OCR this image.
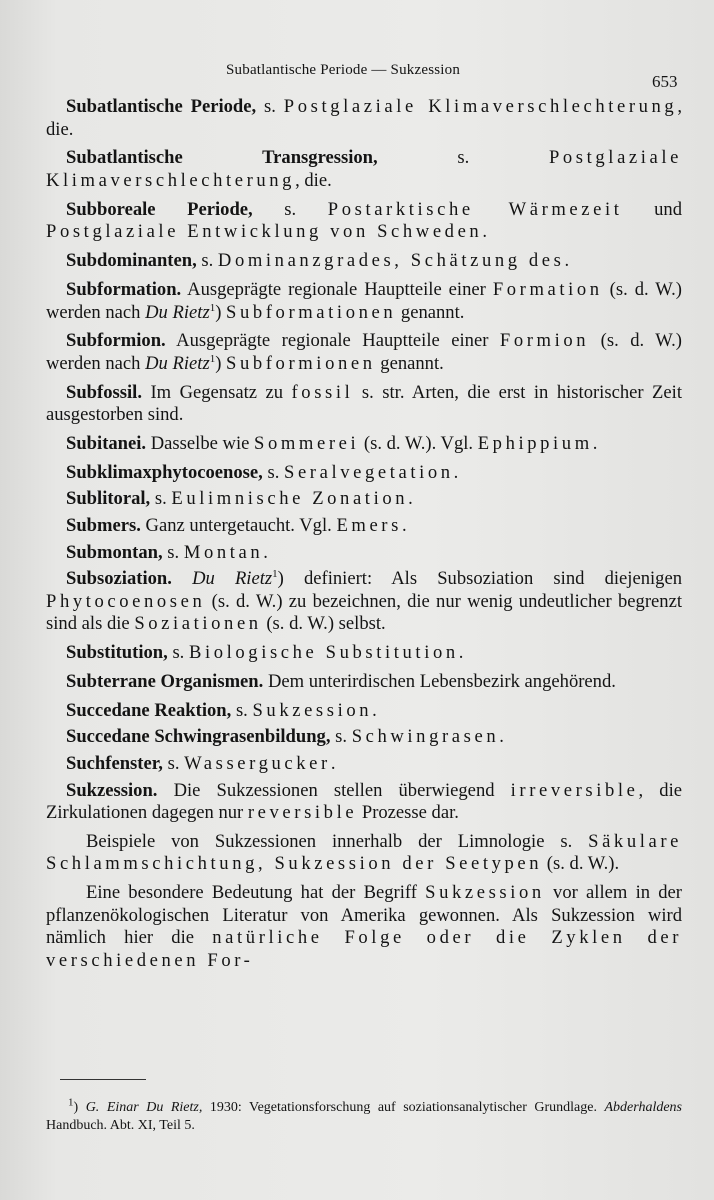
Subatlantische Periode — Sukzession
653

Subatlantische Periode, s. Postglaziale Klimaverschlechterung, die.

Subatlantische Transgression, s. Postglaziale Klimaverschlechterung, die.

Subboreale Periode, s. Postarktische Wärmezeit und Postglaziale Entwicklung von Schweden.

Subdominanten, s. Dominanzgrades, Schätzung des.

Subformation. Ausgeprägte regionale Hauptteile einer Formation (s. d. W.) werden nach Du Rietz$^1$) Subformationen genannt.

Subformion. Ausgeprägte regionale Hauptteile einer Formion (s. d. W.) werden nach Du Rietz$^1$) Subformionen genannt.

Subfossil. Im Gegensatz zu fossil s. str. Arten, die erst in historischer Zeit ausgestorben sind.

Subitanei. Dasselbe wie Sommerei (s. d. W.). Vgl. Ephippium.

Subklimaxphytocoenose, s. Seralvegetation.

Sublitoral, s. Eulimnische Zonation.

Submers. Ganz untergetaucht. Vgl. Emers.

Submontan, s. Montan.

Subsoziation. Du Rietz$^1$) definiert: Als Subsoziation sind diejenigen Phytocoenosen (s. d. W.) zu bezeichnen, die nur wenig undeutlicher begrenzt sind als die Soziationen (s. d. W.) selbst.

Substitution, s. Biologische Substitution.

Subterrane Organismen. Dem unterirdischen Lebensbezirk angehörend.

Succedane Reaktion, s. Sukzession.

Succedane Schwingrasenbildung, s. Schwingrasen.

Suchfenster, s. Wassergucker.

Sukzession. Die Sukzessionen stellen überwiegend irreversible, die Zirkulationen dagegen nur reversible Prozesse dar.

Beispiele von Sukzessionen innerhalb der Limnologie s. Säkulare Schlammschichtung, Sukzession der Seetypen (s. d. W.).

Eine besondere Bedeutung hat der Begriff Sukzession vor allem in der pflanzenökologischen Literatur von Amerika gewonnen. Als Sukzession wird nämlich hier die natürliche Folge oder die Zyklen der verschiedenen For-

$^1$) G. Einar Du Rietz, 1930: Vegetationsforschung auf soziationsanalytischer Grundlage. Abderhaldens Handbuch. Abt. XI, Teil 5.
